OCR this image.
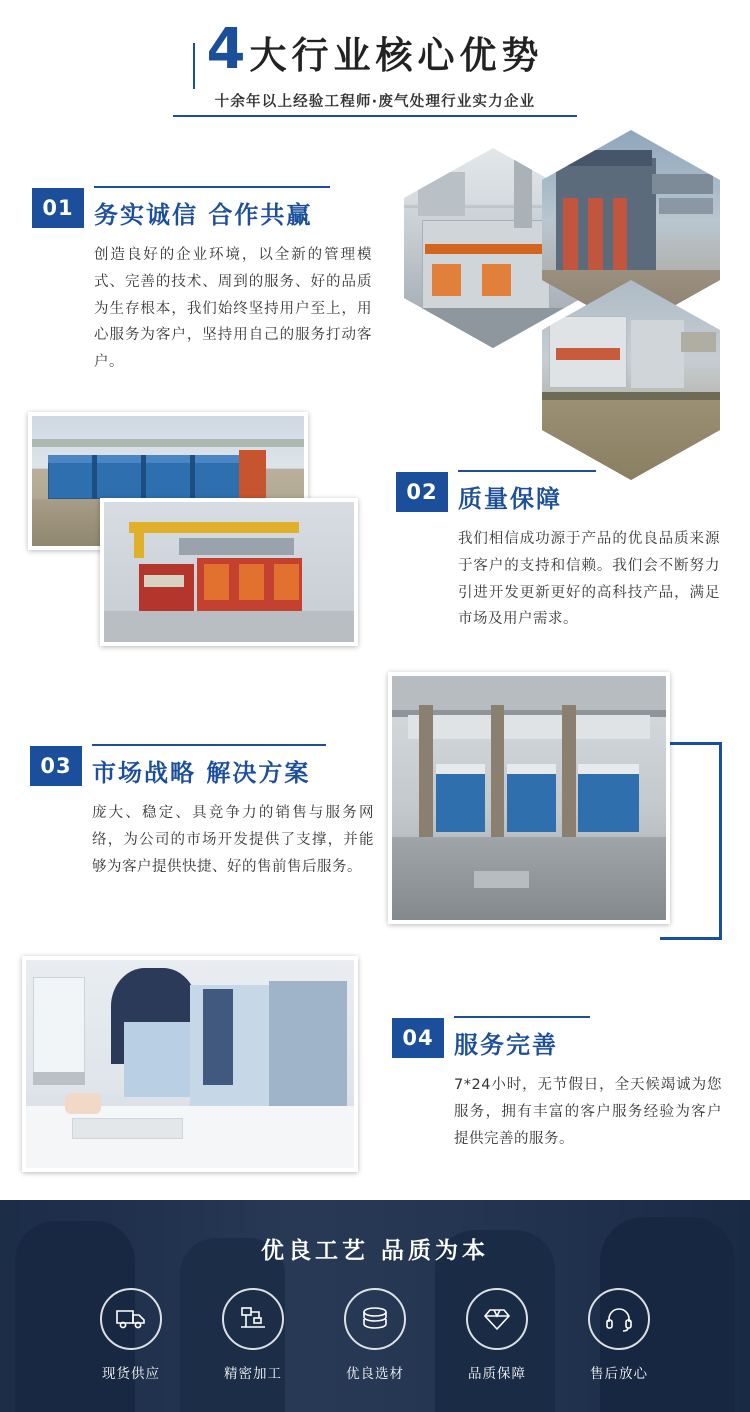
4 大行业核心优势
十余年以上经验工程师·废气处理行业实力企业
01 务实诚信 合作共赢
创造良好的企业环境，以全新的管理模式、完善的技术、周到的服务、好的品质为生存根本，我们始终坚持用户至上，用心服务为客户，坚持用自己的服务打动客户。
02 质量保障
我们相信成功源于产品的优良品质来源于客户的支持和信赖。我们会不断努力引进开发更新更好的高科技产品，满足市场及用户需求。
03 市场战略 解决方案
庞大、稳定、具竞争力的销售与服务网络，为公司的市场开发提供了支撑，并能够为客户提供快捷、好的售前售后服务。
04 服务完善
7*24小时，无节假日，全天候竭诚为您服务，拥有丰富的客户服务经验为客户提供完善的服务。
优良工艺 品质为本
现货供应	精密加工	优良选材	品质保障	售后放心
